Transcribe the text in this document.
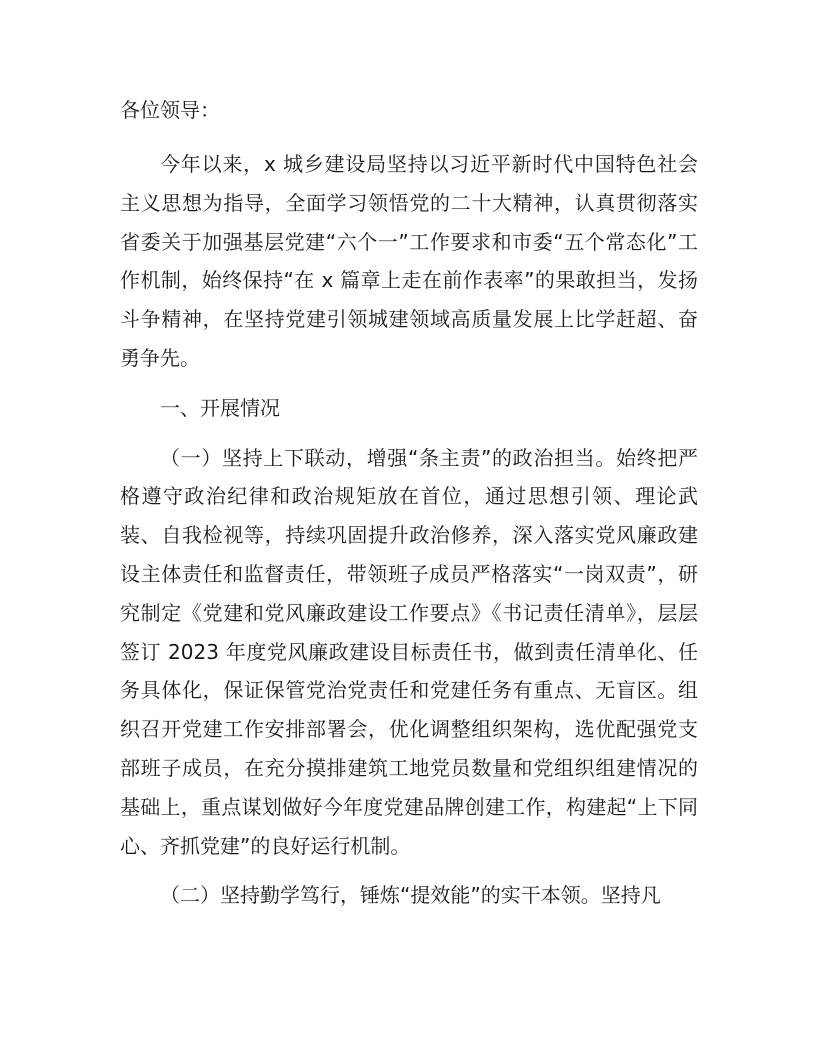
各位领导：

今年以来，x 城乡建设局坚持以习近平新时代中国特色社会主义思想为指导，全面学习领悟党的二十大精神，认真贯彻落实省委关于加强基层党建“六个一”工作要求和市委“五个常态化”工作机制，始终保持“在 x 篇章上走在前作表率”的果敢担当，发扬斗争精神，在坚持党建引领城建领域高质量发展上比学赶超、奋勇争先。

一、开展情况

（一）坚持上下联动，增强“条主责”的政治担当。始终把严格遵守政治纪律和政治规矩放在首位，通过思想引领、理论武装、自我检视等，持续巩固提升政治修养，深入落实党风廉政建设主体责任和监督责任，带领班子成员严格落实“一岗双责”，研究制定《党建和党风廉政建设工作要点》《书记责任清单》，层层签订 2023 年度党风廉政建设目标责任书，做到责任清单化、任务具体化，保证保管党治党责任和党建任务有重点、无盲区。组织召开党建工作安排部署会，优化调整组织架构，选优配强党支部班子成员，在充分摸排建筑工地党员数量和党组织组建情况的基础上，重点谋划做好今年度党建品牌创建工作，构建起“上下同心、齐抓党建”的良好运行机制。

（二）坚持勤学笃行，锤炼“提效能”的实干本领。坚持凡
